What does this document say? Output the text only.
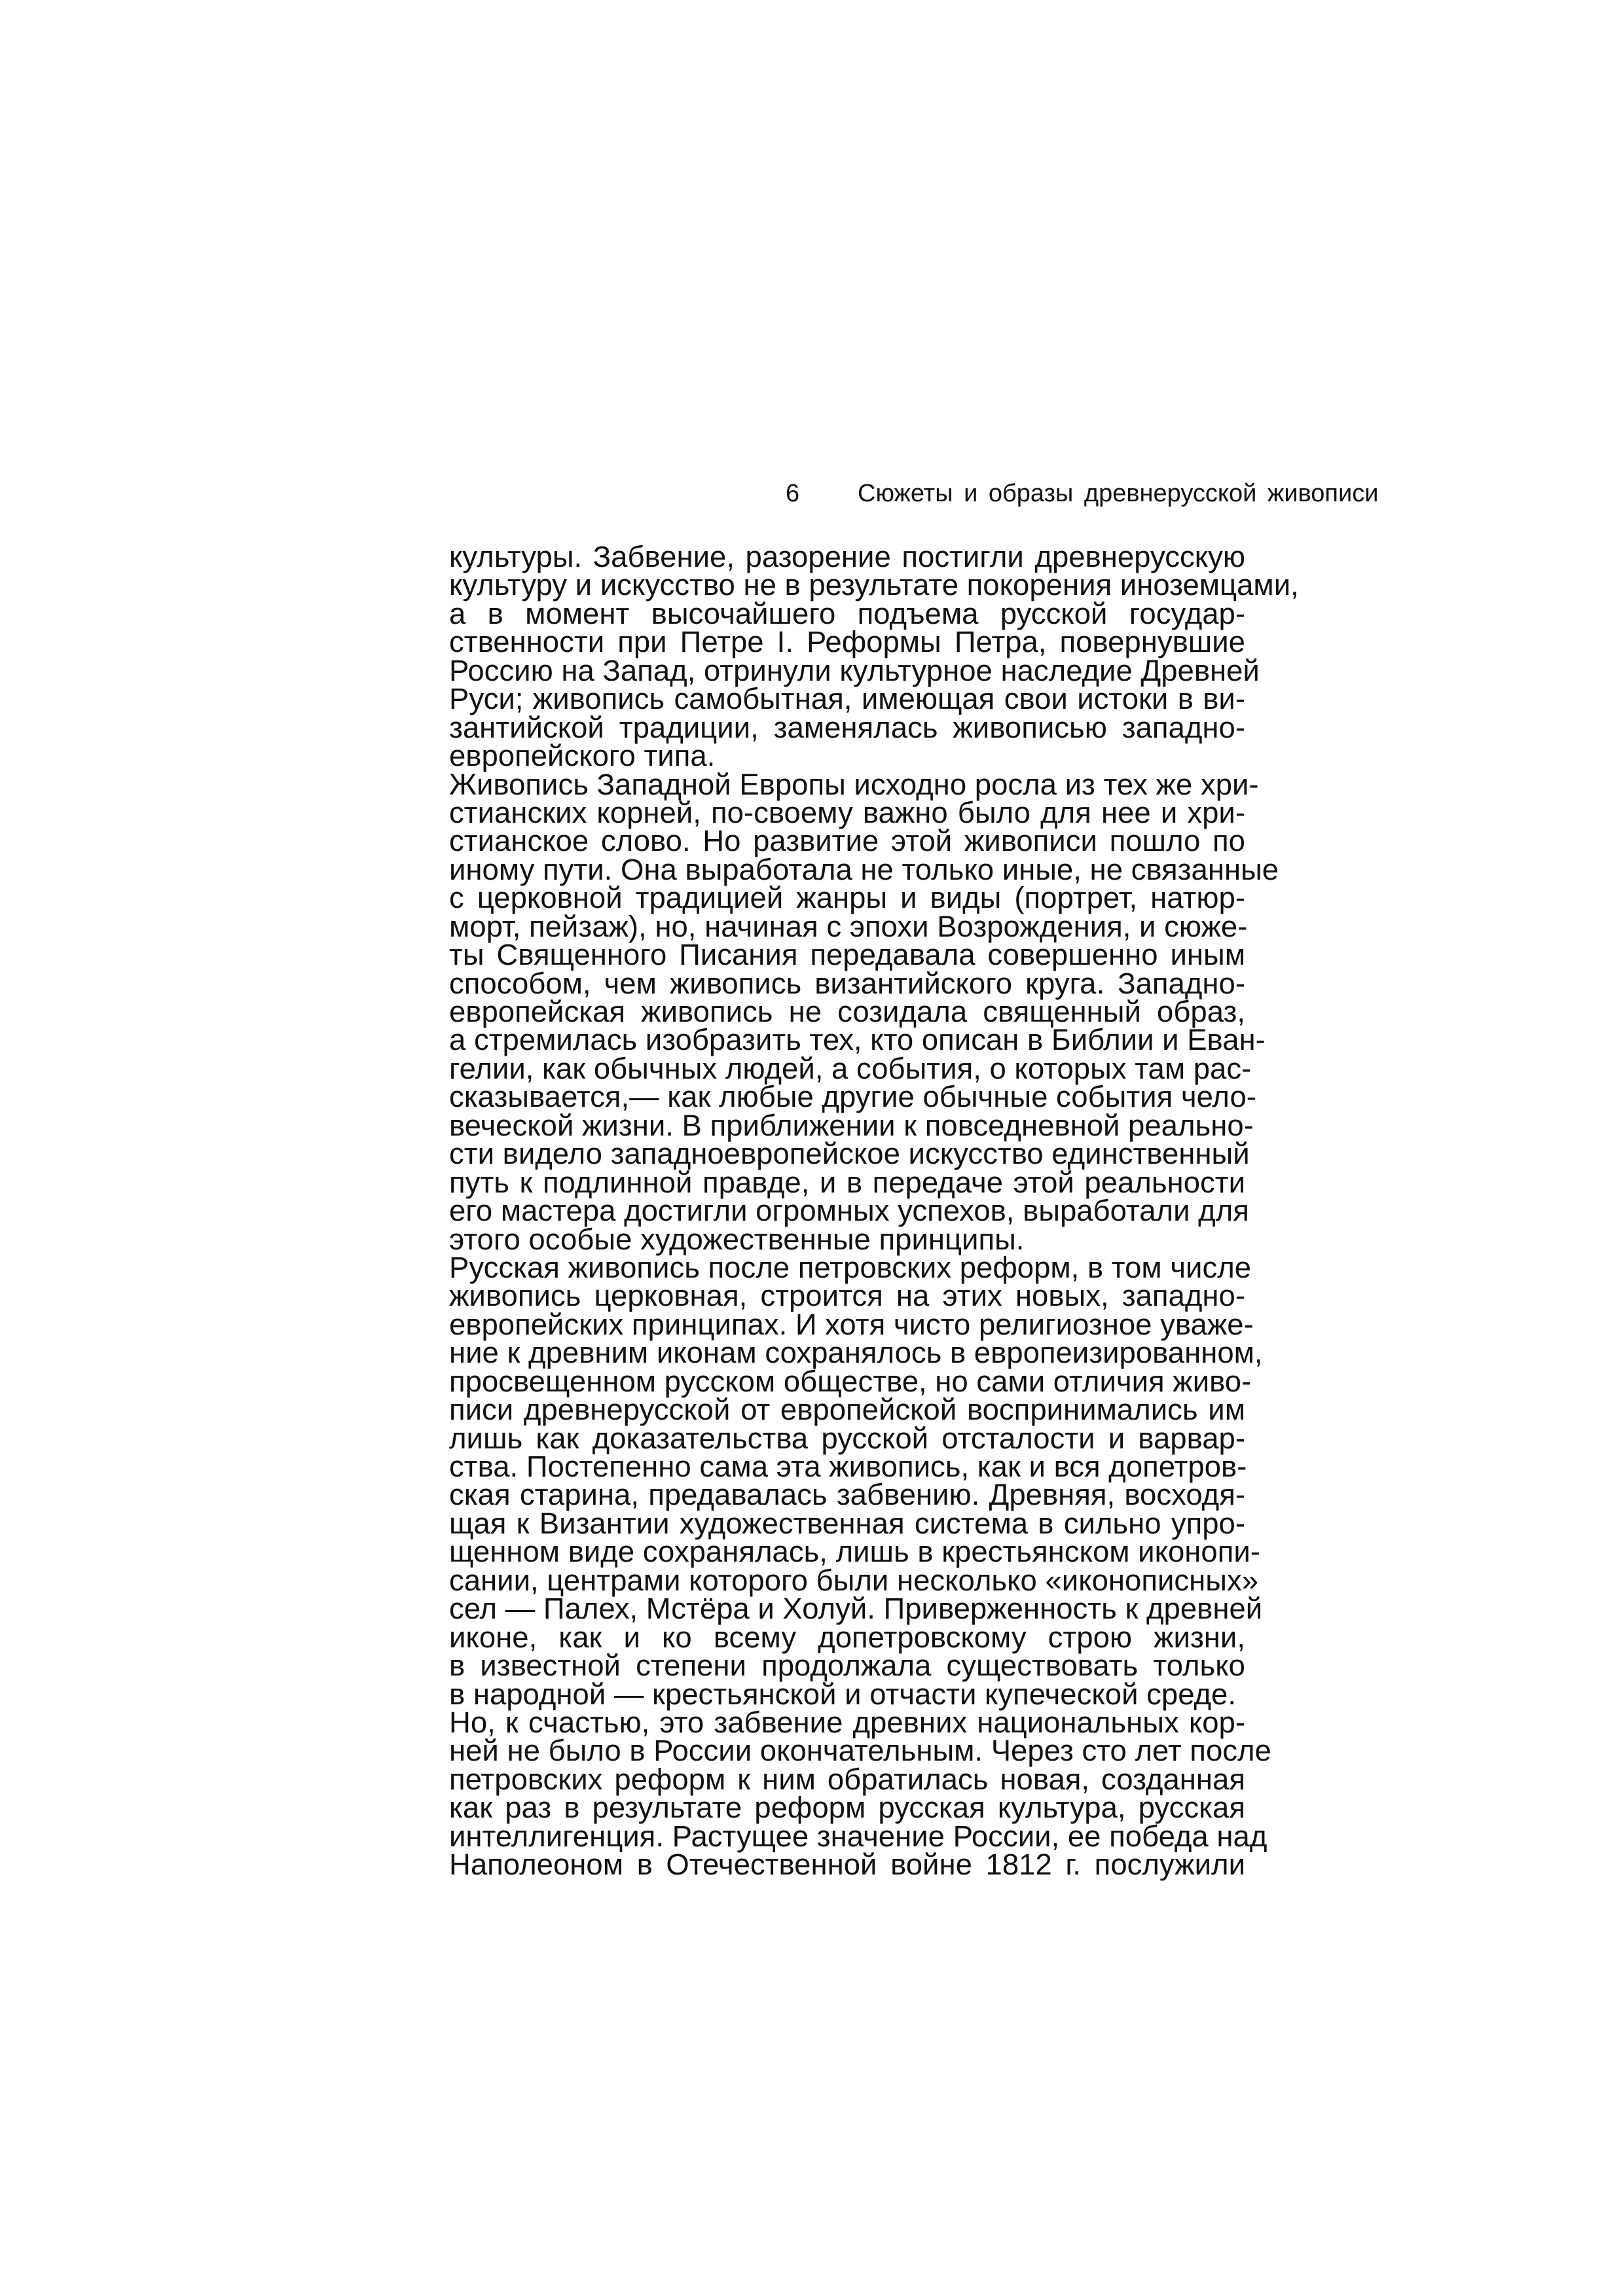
6 Сюжеты и образы древнерусской живописи
культуры. Забвение, разорение постигли древнерусскую
культуру и искусство не в результате покорения иноземцами,
а в момент высочайшего подъема русской государ-
ственности при Петре I. Реформы Петра, повернувшие
Россию на Запад, отринули культурное наследие Древней
Руси; живопись самобытная, имеющая свои истоки в ви-
зантийской традиции, заменялась живописью западно-
европейского типа.
Живопись Западной Европы исходно росла из тех же хри-
стианских корней, по-своему важно было для нее и хри-
стианское слово. Но развитие этой живописи пошло по
иному пути. Она выработала не только иные, не связанные
с церковной традицией жанры и виды (портрет, натюр-
морт, пейзаж), но, начиная с эпохи Возрождения, и сюже-
ты Священного Писания передавала совершенно иным
способом, чем живопись византийского круга. Западно-
европейская живопись не созидала священный образ,
а стремилась изобразить тех, кто описан в Библии и Еван-
гелии, как обычных людей, а события, о которых там рас-
сказывается,— как любые другие обычные события чело-
веческой жизни. В приближении к повседневной реально-
сти видело западноевропейское искусство единственный
путь к подлинной правде, и в передаче этой реальности
его мастера достигли огромных успехов, выработали для
этого особые художественные принципы.
Русская живопись после петровских реформ, в том числе
живопись церковная, строится на этих новых, западно-
европейских принципах. И хотя чисто религиозное уваже-
ние к древним иконам сохранялось в европеизированном,
просвещенном русском обществе, но сами отличия живо-
писи древнерусской от европейской воспринимались им
лишь как доказательства русской отсталости и варвар-
ства. Постепенно сама эта живопись, как и вся допетров-
ская старина, предавалась забвению. Древняя, восходя-
щая к Византии художественная система в сильно упро-
щенном виде сохранялась, лишь в крестьянском иконопи-
сании, центрами которого были несколько «иконописных»
сел — Палех, Мстёра и Холуй. Приверженность к древней
иконе, как и ко всему допетровскому строю жизни,
в известной степени продолжала существовать только
в народной — крестьянской и отчасти купеческой среде.
Но, к счастью, это забвение древних национальных кор-
ней не было в России окончательным. Через сто лет после
петровских реформ к ним обратилась новая, созданная
как раз в результате реформ русская культура, русская
интеллигенция. Растущее значение России, ее победа над
Наполеоном в Отечественной войне 1812 г. послужили
